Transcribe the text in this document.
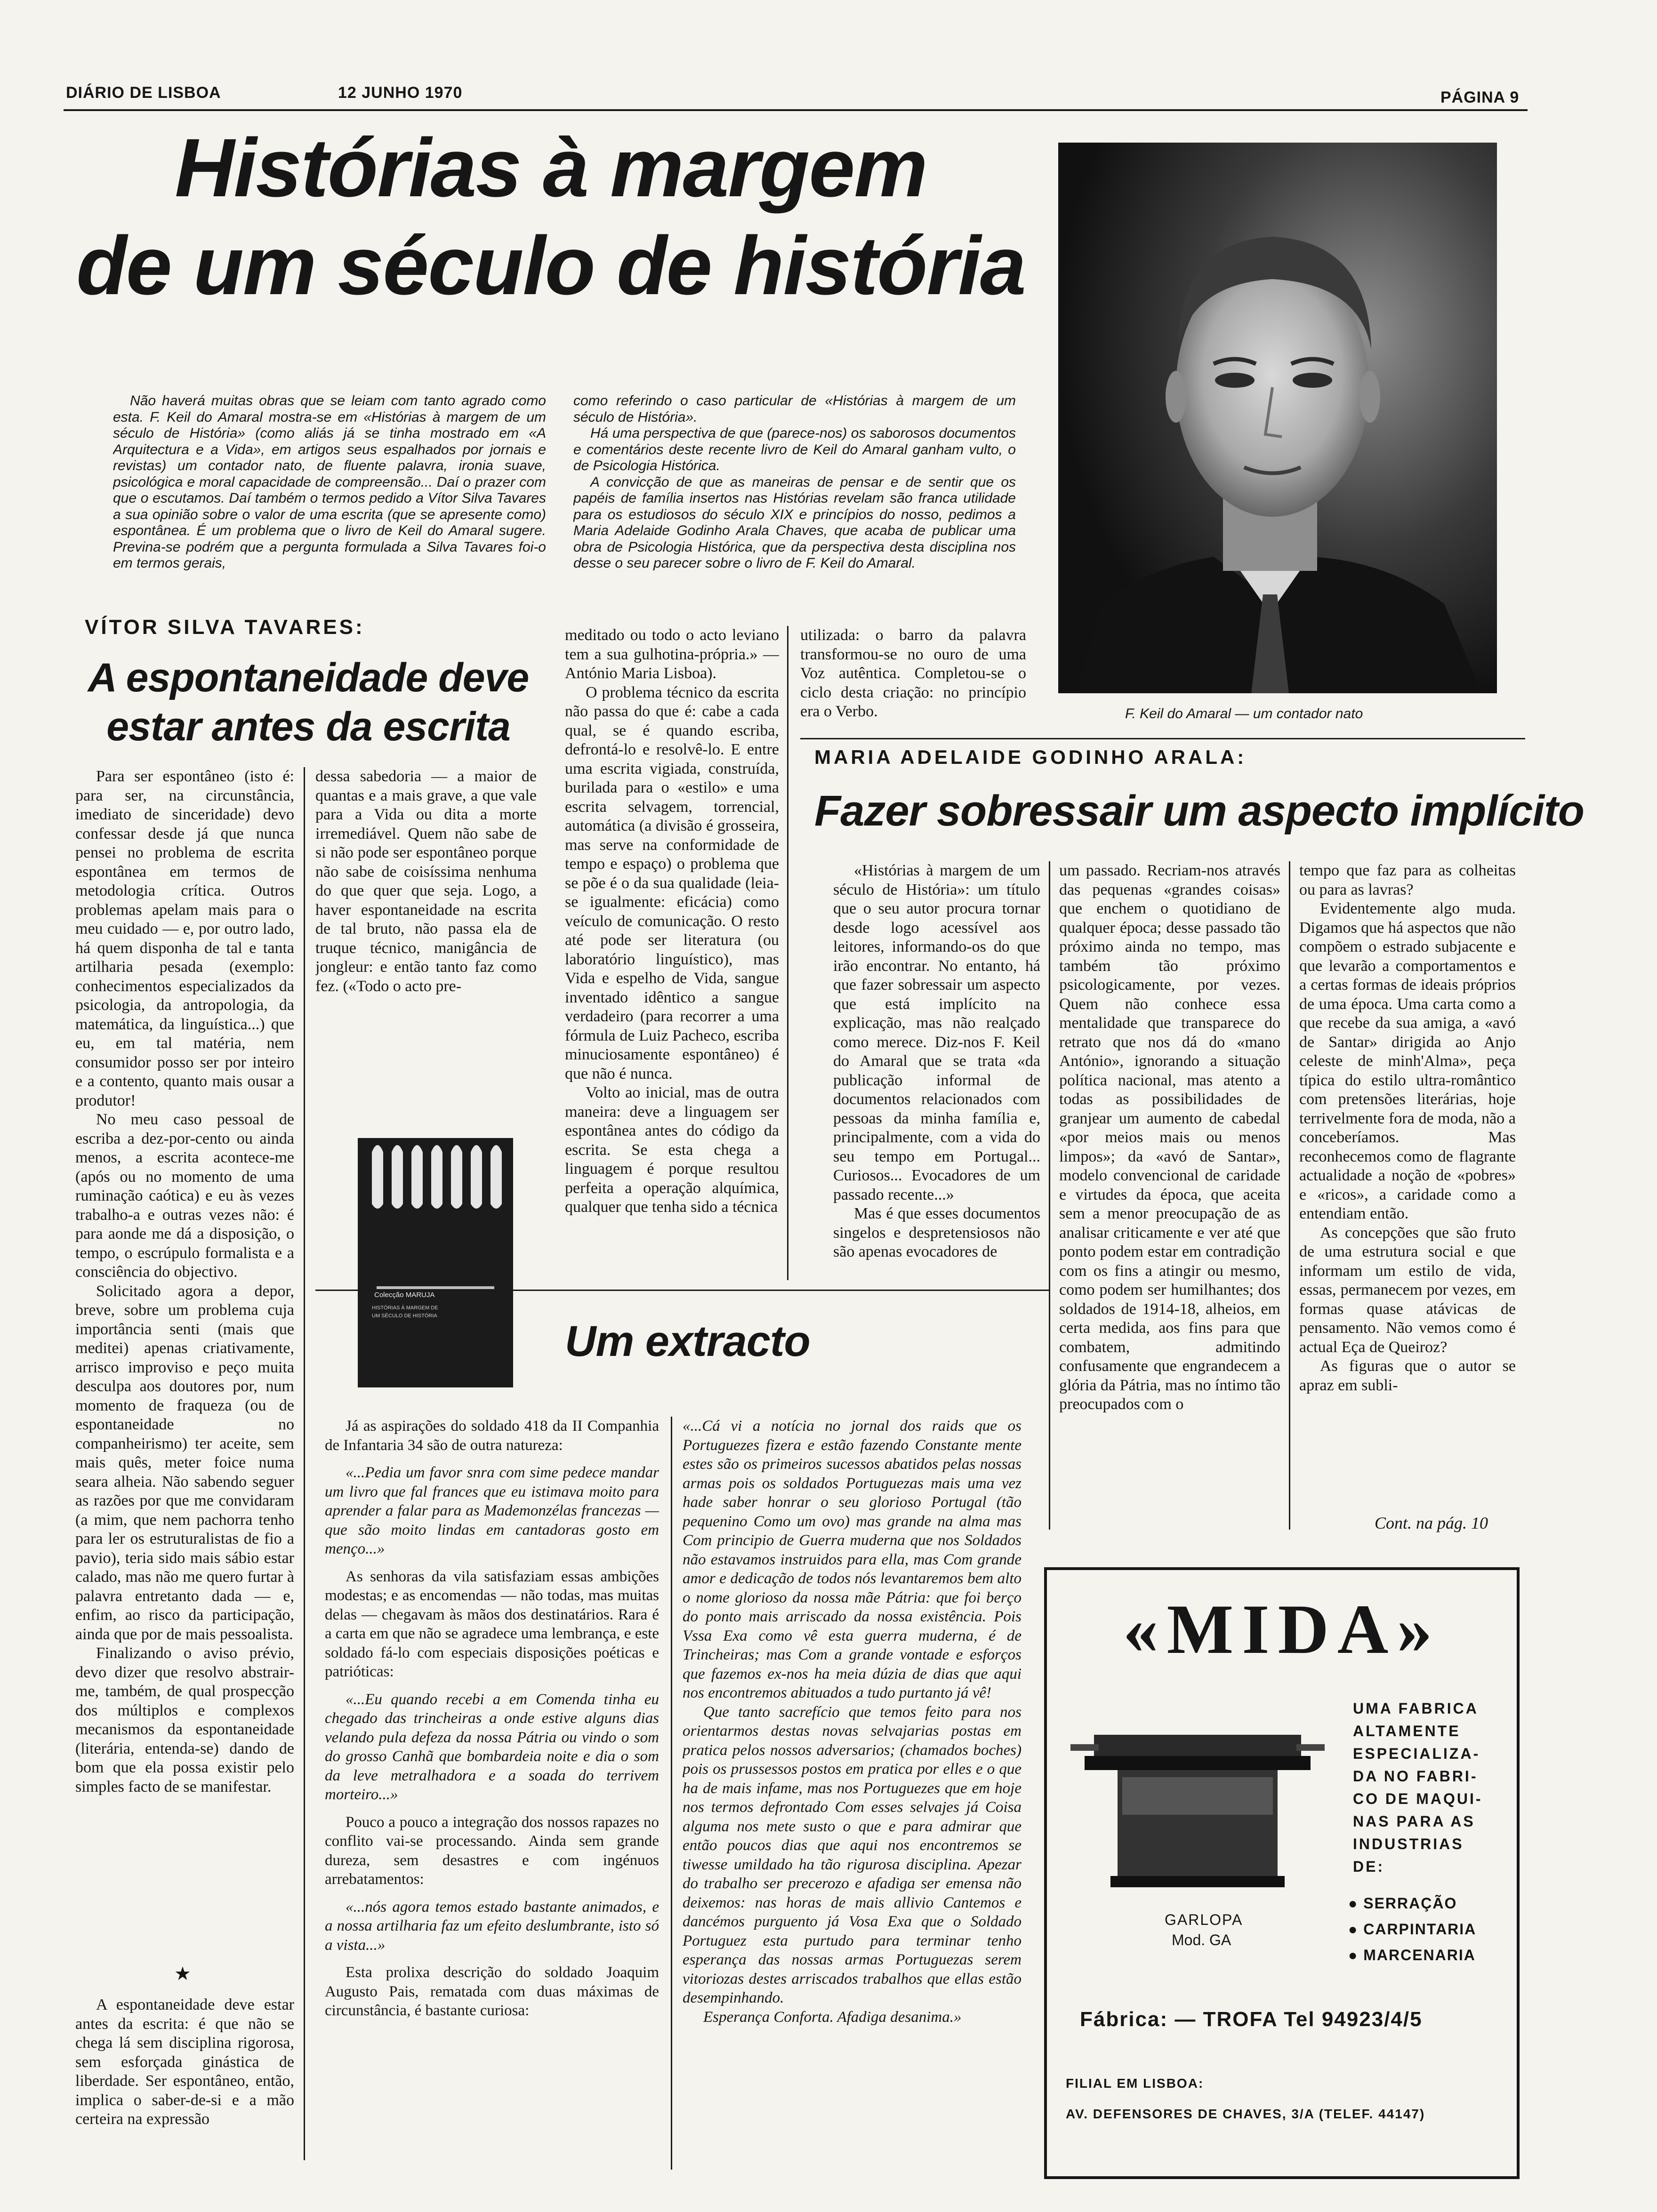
DIÁRIO DE LISBOA	12 JUNHO 1970	PÁGINA 9
Histórias à margem
de um século de história
F. Keil do Amaral — um contador nato

Não haverá muitas obras que se leiam com tanto agrado como esta. F. Keil do Amaral mostra-se em «Histórias à margem de um século de História» (como aliás já se tinha mostrado em «A Arquitectura e a Vida», em artigos seus espalhados por jornais e revistas) um contador nato, de fluente palavra, ironia suave, psicológica e moral capacidade de compreensão... Daí o prazer com que o escutamos. Daí também o termos pedido a Vítor Silva Tavares a sua opinião sobre o valor de uma escrita (que se apresente como) espontânea. É um problema que o livro de Keil do Amaral sugere. Previna-se podrém que a pergunta formulada a Silva Tavares foi-o em termos gerais,

como referindo o caso particular de «Histórias à margem de um século de História».

Há uma perspectiva de que (parece-nos) os saborosos documentos e comentários deste recente livro de Keil do Amaral ganham vulto, o de Psicologia Histórica.

A convicção de que as maneiras de pensar e de sentir que os papéis de família insertos nas Histórias revelam são franca utilidade para os estudiosos do século XIX e princípios do nosso, pedimos a Maria Adelaide Godinho Arala Chaves, que acaba de publicar uma obra de Psicologia Histórica, que da perspectiva desta disciplina nos desse o seu parecer sobre o livro de F. Keil do Amaral.

VÍTOR SILVA TAVARES:
A espontaneidade deve estar antes da escrita

Para ser espontâneo (isto é: para ser, na circunstância, imediato de sinceridade) devo confessar desde já que nunca pensei no problema de escrita espontânea em termos de metodologia crítica. Outros problemas apelam mais para o meu cuidado — e, por outro lado, há quem disponha de tal e tanta artilharia pesada (exemplo: conhecimentos especializados da psicologia, da antropologia, da matemática, da linguística...) que eu, em tal matéria, nem consumidor posso ser por inteiro e a contento, quanto mais ousar a produtor!

No meu caso pessoal de escriba a dez-por-cento ou ainda menos, a escrita acontece-me (após ou no momento de uma ruminação caótica) e eu às vezes trabalho-a e outras vezes não: é para aonde me dá a disposição, o tempo, o escrúpulo formalista e a consciência do objectivo.

Solicitado agora a depor, breve, sobre um problema cuja importância senti (mais que meditei) apenas criativamente, arrisco improviso e peço muita desculpa aos doutores por, num momento de fraqueza (ou de espontaneidade no companheirismo) ter aceite, sem mais quês, meter foice numa seara alheia. Não sabendo seguer as razões por que me convidaram (a mim, que nem pachorra tenho para ler os estruturalistas de fio a pavio), teria sido mais sábio estar calado, mas não me quero furtar à palavra entretanto dada — e, enfim, ao risco da participação, ainda que por de mais pessoalista.

Finalizando o aviso prévio, devo dizer que resolvo abstrair-me, também, de qual prospecção dos múltiplos e complexos mecanismos da espontaneidade (literária, entenda-se) dando de bom que ela possa existir pelo simples facto de se manifestar.

★

A espontaneidade deve estar antes da escrita: é que não se chega lá sem disciplina rigorosa, sem esforçada ginástica de liberdade. Ser espontâneo, então, implica o saber-de-si e a mão certeira na expressão

dessa sabedoria — a maior de quantas e a mais grave, a que vale para a Vida ou dita a morte irremediável. Quem não sabe de si não pode ser espontâneo porque não sabe de coisíssima nenhuma do que quer que seja. Logo, a haver espontaneidade na escrita de tal bruto, não passa ela de truque técnico, manigância de jongleur: e então tanto faz como fez. («Todo o acto pre-

Colecção MARUJA
HISTÓRIAS À MARGEM DE
UM SÉCULO DE HISTÓRIA

meditado ou todo o acto leviano tem a sua gulhotina-própria.» — António Maria Lisboa).

O problema técnico da escrita não passa do que é: cabe a cada qual, se é quando escriba, defrontá-lo e resolvê-lo. E entre uma escrita vigiada, construída, burilada para o «estilo» e uma escrita selvagem, torrencial, automática (a divisão é grosseira, mas serve na conformidade de tempo e espaço) o problema que se põe é o da sua qualidade (leia-se igualmente: eficácia) como veículo de comunicação. O resto até pode ser literatura (ou laboratório linguístico), mas Vida e espelho de Vida, sangue inventado idêntico a sangue verdadeiro (para recorrer a uma fórmula de Luiz Pacheco, escriba minuciosamente espontâneo) é que não é nunca.

Volto ao inicial, mas de outra maneira: deve a linguagem ser espontânea antes do código da escrita. Se esta chega a linguagem é porque resultou perfeita a operação alquímica, qualquer que tenha sido a técnica

utilizada: o barro da palavra transformou-se no ouro de uma Voz autêntica. Completou-se o ciclo desta criação: no princípio era o Verbo.

MARIA ADELAIDE GODINHO ARALA:
Fazer sobressair um aspecto implícito

«Histórias à margem de um século de História»: um título que o seu autor procura tornar desde logo acessível aos leitores, informando-os do que irão encontrar. No entanto, há que fazer sobressair um aspecto que está implícito na explicação, mas não realçado como merece. Diz-nos F. Keil do Amaral que se trata «da publicação informal de documentos relacionados com pessoas da minha família e, principalmente, com a vida do seu tempo em Portugal... Curiosos... Evocadores de um passado recente...»

Mas é que esses documentos singelos e despretensiosos não são apenas evocadores de

um passado. Recriam-nos através das pequenas «grandes coisas» que enchem o quotidiano de qualquer época; desse passado tão próximo ainda no tempo, mas também tão próximo psicologicamente, por vezes. Quem não conhece essa mentalidade que transparece do retrato que nos dá do «mano António», ignorando a situação política nacional, mas atento a todas as possibilidades de granjear um aumento de cabedal «por meios mais ou menos limpos»; da «avó de Santar», modelo convencional de caridade e virtudes da época, que aceita sem a menor preocupação de as analisar criticamente e ver até que ponto podem estar em contradição com os fins a atingir ou mesmo, como podem ser humilhantes; dos soldados de 1914-18, alheios, em certa medida, aos fins para que combatem, admitindo confusamente que engrandecem a glória da Pátria, mas no íntimo tão preocupados com o

tempo que faz para as colheitas ou para as lavras?

Evidentemente algo muda. Digamos que há aspectos que não compõem o estrado subjacente e que levarão a comportamentos e a certas formas de ideais próprios de uma época. Uma carta como a que recebe da sua amiga, a «avó de Santar» dirigida ao Anjo celeste de minh'Alma», peça típica do estilo ultra-romântico com pretensões literárias, hoje terrivelmente fora de moda, não a conceberíamos. Mas reconhecemos como de flagrante actualidade a noção de «pobres» e «ricos», a caridade como a entendiam então.

As concepções que são fruto de uma estrutura social e que informam um estilo de vida, essas, permanecem por vezes, em formas quase atávicas de pensamento. Não vemos como é actual Eça de Queiroz?

As figuras que o autor se apraz em subli-

Cont. na pág. 10
Um extracto

Já as aspirações do soldado 418 da II Companhia de Infantaria 34 são de outra natureza:

«...Pedia um favor snra com sime pedece mandar um livro que fal frances que eu istimava moito para aprender a falar para as Mademonzélas francezas — que são moito lindas em cantadoras gosto em menço...»

As senhoras da vila satisfaziam essas ambições modestas; e as encomendas — não todas, mas muitas delas — chegavam às mãos dos destinatários. Rara é a carta em que não se agradece uma lembrança, e este soldado fá-lo com especiais disposições poéticas e patrióticas:

«...Eu quando recebi a em Comenda tinha eu chegado das trincheiras a onde estive alguns dias velando pula defeza da nossa Pátria ou vindo o som do grosso Canhã que bombardeia noite e dia o som da leve metralhadora e a soada do terrivem morteiro...»

Pouco a pouco a integração dos nossos rapazes no conflito vai-se processando. Ainda sem grande dureza, sem desastres e com ingénuos arrebatamentos:

«...nós agora temos estado bastante animados, e a nossa artilharia faz um efeito deslumbrante, isto só a vista...»

Esta prolixa descrição do soldado Joaquim Augusto Pais, rematada com duas máximas de circunstância, é bastante curiosa:

«...Cá vi a notícia no jornal dos raids que os Portuguezes fizera e estão fazendo Constante mente estes são os primeiros sucessos abatidos pelas nossas armas pois os soldados Portuguezas mais uma vez hade saber honrar o seu glorioso Portugal (tão pequenino Como um ovo) mas grande na alma mas Com principio de Guerra muderna que nos Soldados não estavamos instruidos para ella, mas Com grande amor e dedicação de todos nós levantaremos bem alto o nome glorioso da nossa mãe Pátria: que foi berço do ponto mais arriscado da nossa existência. Pois Vssa Exa como vê esta guerra muderna, é de Trincheiras; mas Com a grande vontade e esforços que fazemos ex-nos ha meia dúzia de dias que aqui nos encontremos abituados a tudo purtanto já vê!

Que tanto sacrefício que temos feito para nos orientarmos destas novas selvajarias postas em pratica pelos nossos adversarios; (chamados boches) pois os prussessos postos em pratica por elles e o que ha de mais infame, mas nos Portuguezes que em hoje nos termos defrontado Com esses selvajes já Coisa alguma nos mete susto o que e para admirar que então poucos dias que aqui nos encontremos se tiwesse umildado ha tão rigurosa disciplina. Apezar do trabalho ser precerozo e afadiga ser emensa não deixemos: nas horas de mais allivio Cantemos e dancémos purguento já Vosa Exa que o Soldado Portuguez esta purtudo para terminar tenho esperança das nossas armas Portuguezas serem vitoriozas destes arriscados trabalhos que ellas estão desempinhando.

Esperança Conforta. Afadiga desanima.»

«MIDA»
UMA FABRICA
ALTAMENTE
ESPECIALIZA-
DA NO FABRI-
CO DE MAQUI-
NAS PARA AS
INDUSTRIAS
DE:
● SERRAÇÃO
● CARPINTARIA
● MARCENARIA
GARLOPA
Mod. GA
Fábrica: — TROFA Tel 94923/4/5
FILIAL EM LISBOA:
AV. DEFENSORES DE CHAVES, 3/A (TELEF. 44147)
